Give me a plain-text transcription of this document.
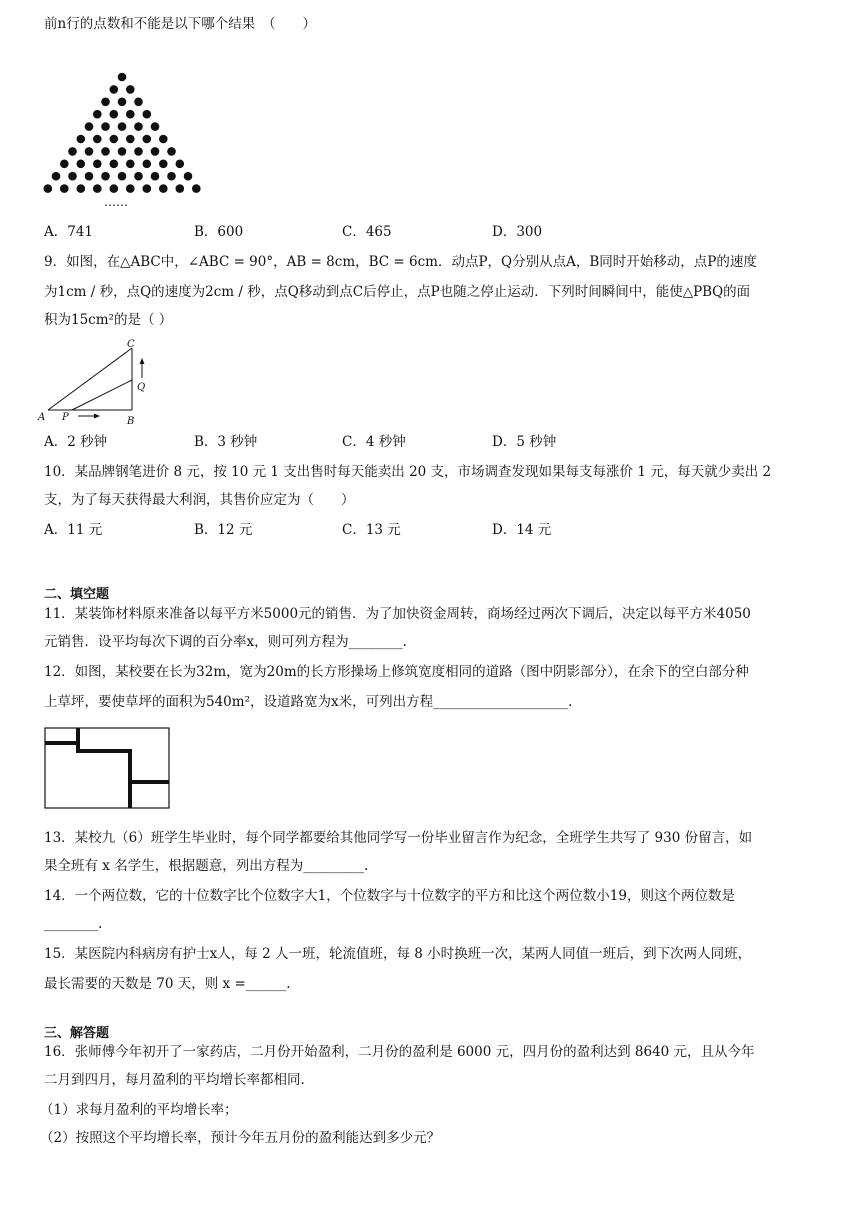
前n行的点数和不能是以下哪个结果　（　　）
……
A．741	B．600	C．465	D．300
9．如图，在△ABC中，∠ABC = 90°，AB = 8cm，BC = 6cm．动点P，Q分别从点A，B同时开始移动，点P的速度
为1cm / 秒，点Q的速度为2cm / 秒，点Q移动到点C后停止，点P也随之停止运动．下列时间瞬间中，能使△PBQ的面
积为15cm²的是（ ）
A P	B
C
Q
A．2 秒钟	B．3 秒钟	C．4 秒钟	D．5 秒钟
10．某品牌钢笔进价 8 元，按 10 元 1 支出售时每天能卖出 20 支，市场调查发现如果每支每涨价 1 元，每天就少卖出 2
支，为了每天获得最大利润，其售价应定为（　　）
A．11 元	B．12 元	C．13 元	D．14 元
二、填空题
11．某装饰材料原来准备以每平方米5000元的销售．为了加快资金周转，商场经过两次下调后，决定以每平方米4050
元销售．设平均每次下调的百分率x，则可列方程为________.
12．如图，某校要在长为32m，宽为20m的长方形操场上修筑宽度相同的道路（图中阴影部分），在余下的空白部分种
上草坪，要使草坪的面积为540m²，设道路宽为x米，可列出方程____________________.
13．某校九（6）班学生毕业时，每个同学都要给其他同学写一份毕业留言作为纪念，全班学生共写了 930 份留言，如
果全班有 x 名学生，根据题意，列出方程为_________.
14．一个两位数，它的十位数字比个位数字大1，个位数字与十位数字的平方和比这个两位数小19，则这个两位数是
________.
15．某医院内科病房有护士x人，每 2 人一班，轮流值班，每 8 小时换班一次，某两人同值一班后，到下次两人同班，
最长需要的天数是 70 天，则 x =______.
三、解答题
16．张师傅今年初开了一家药店，二月份开始盈利，二月份的盈利是 6000 元，四月份的盈利达到 8640 元，且从今年
二月到四月，每月盈利的平均增长率都相同.
（1）求每月盈利的平均增长率；
（2）按照这个平均增长率，预计今年五月份的盈利能达到多少元？
